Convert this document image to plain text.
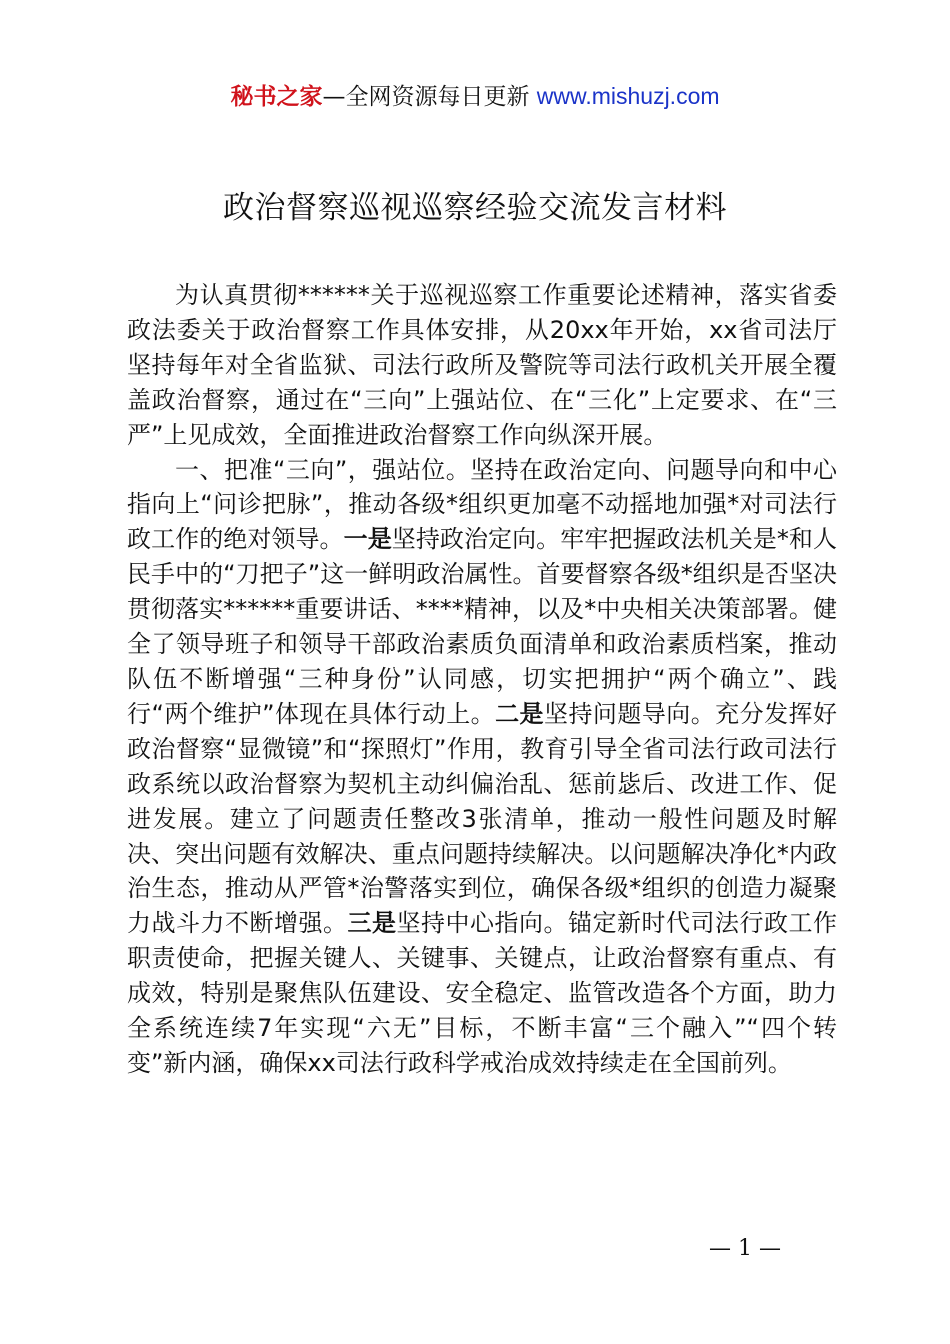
秘书之家—全网资源每日更新 www.mishuzj.com
政治督察巡视巡察经验交流发言材料

为认真贯彻******关于巡视巡察工作重要论述精神，落实省委政法委关于政治督察工作具体安排，从20xx年开始，xx省司法厅坚持每年对全省监狱、司法行政所及警院等司法行政机关开展全覆盖政治督察，通过在“三向”上强站位、在“三化”上定要求、在“三严”上见成效，全面推进政治督察工作向纵深开展。

一、把准“三向”，强站位。坚持在政治定向、问题导向和中心指向上“问诊把脉”，推动各级*组织更加毫不动摇地加强*对司法行政工作的绝对领导。一是坚持政治定向。牢牢把握政法机关是*和人民手中的“刀把子”这一鲜明政治属性。首要督察各级*组织是否坚决贯彻落实******重要讲话、****精神，以及*中央相关决策部署。健全了领导班子和领导干部政治素质负面清单和政治素质档案，推动队伍不断增强“三种身份”认同感，切实把拥护“两个确立”、践行“两个维护”体现在具体行动上。二是坚持问题导向。充分发挥好政治督察“显微镜”和“探照灯”作用，教育引导全省司法行政司法行政系统以政治督察为契机主动纠偏治乱、惩前毖后、改进工作、促进发展。建立了问题责任整改3张清单，推动一般性问题及时解决、突出问题有效解决、重点问题持续解决。以问题解决净化*内政治生态，推动从严管*治警落实到位，确保各级*组织的创造力凝聚力战斗力不断增强。三是坚持中心指向。锚定新时代司法行政工作职责使命，把握关键人、关键事、关键点，让政治督察有重点、有成效，特别是聚焦队伍建设、安全稳定、监管改造各个方面，助力全系统连续7年实现“六无”目标，不断丰富“三个融入”“四个转变”新内涵，确保xx司法行政科学戒治成效持续走在全国前列。

— 1 —
